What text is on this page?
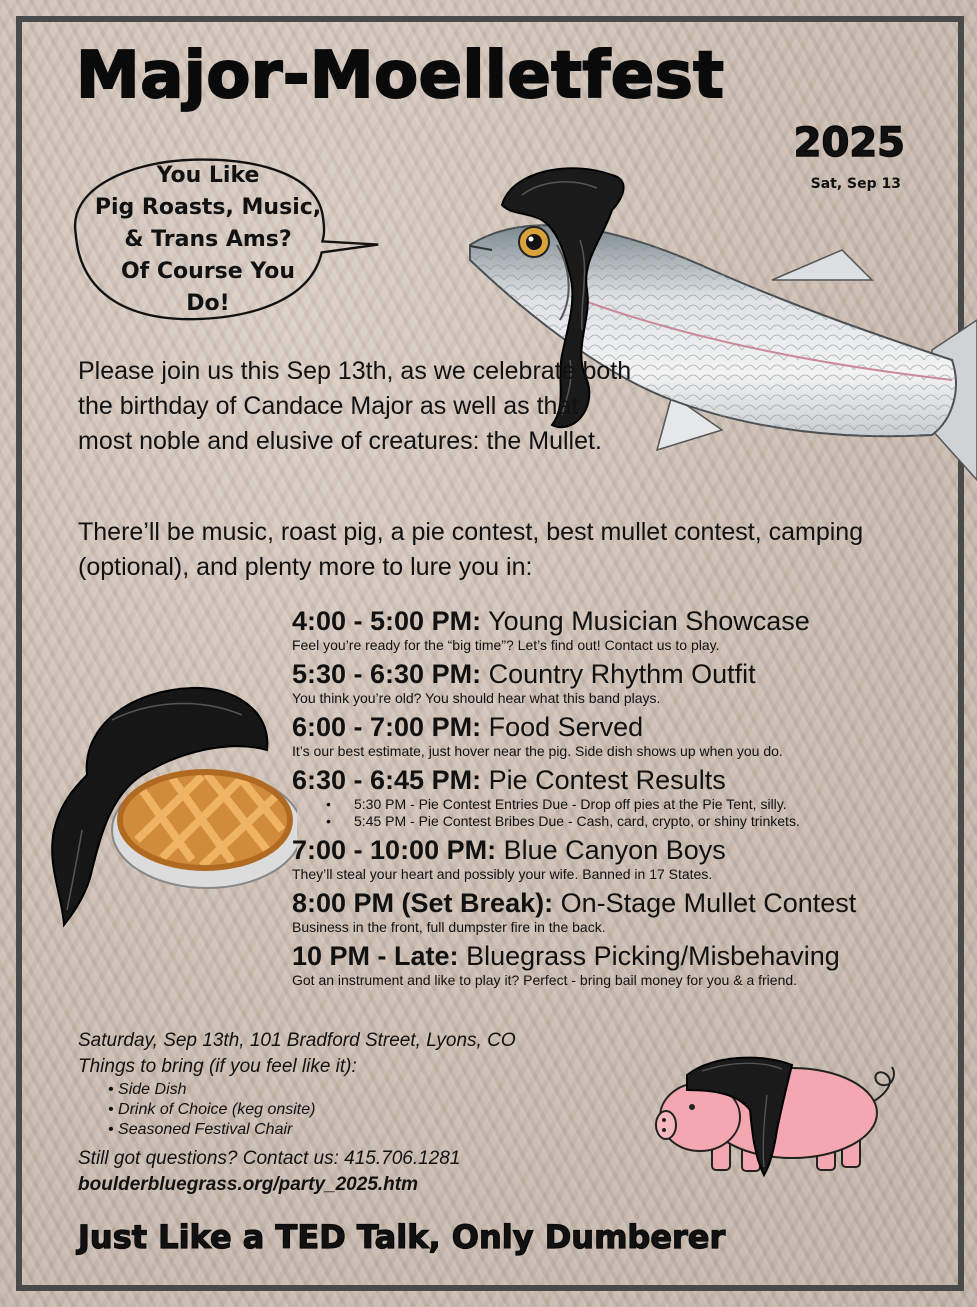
Major-Moelletfest
2025
Sat, Sep 13
You Like
Pig Roasts, Music,
& Trans Ams?
Of Course You
Do!
Please join us this Sep 13th, as we celebrate both the birthday of Candace Major as well as that most noble and elusive of creatures: the Mullet.
There’ll be music, roast pig, a pie contest, best mullet contest, camping (optional), and plenty more to lure you in:
4:00 - 5:00 PM: Young Musician Showcase
Feel you’re ready for the “big time”? Let’s find out! Contact us to play.
5:30 - 6:30 PM: Country Rhythm Outfit
You think you’re old? You should hear what this band plays.
6:00 - 7:00 PM: Food Served
It’s our best estimate, just hover near the pig. Side dish shows up when you do.
6:30 - 6:45 PM: Pie Contest Results
• 5:30 PM - Pie Contest Entries Due - Drop off pies at the Pie Tent, silly.
• 5:45 PM - Pie Contest Bribes Due - Cash, card, crypto, or shiny trinkets.
7:00 - 10:00 PM: Blue Canyon Boys
They’ll steal your heart and possibly your wife. Banned in 17 States.
8:00 PM (Set Break): On-Stage Mullet Contest
Business in the front, full dumpster fire in the back.
10 PM - Late: Bluegrass Picking/Misbehaving
Got an instrument and like to play it? Perfect - bring bail money for you & a friend.
Saturday, Sep 13th, 101 Bradford Street, Lyons, CO
Things to bring (if you feel like it):
• Side Dish
• Drink of Choice (keg onsite)
• Seasoned Festival Chair
Still got questions? Contact us: 415.706.1281
boulderbluegrass.org/party_2025.htm
Just Like a TED Talk, Only Dumberer
